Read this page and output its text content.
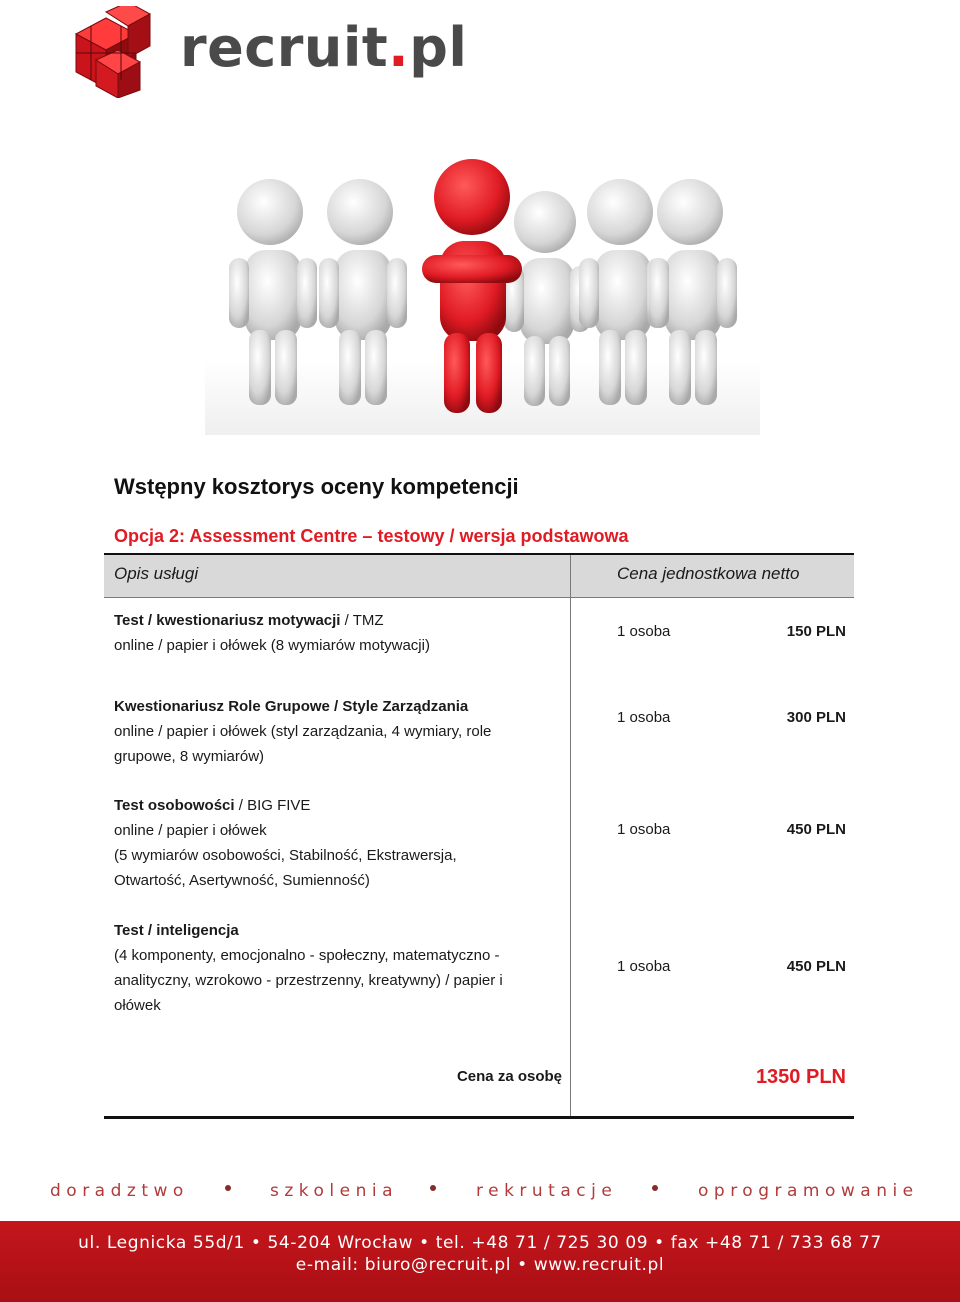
recruit.pl
Wstępny kosztorys oceny kompetencji
Opcja 2: Assessment Centre – testowy / wersja podstawowa
Opis usługi	Cena jednostkowa netto
Test / kwestionariusz motywacji / TMZ
online / papier i ołówek (8 wymiarów motywacji)
1 osoba	150 PLN
Kwestionariusz Role Grupowe / Style Zarządzania
online / papier i ołówek (styl zarządzania, 4 wymiary, role
grupowe, 8 wymiarów)
1 osoba	300 PLN
Test osobowości / BIG FIVE
online / papier i ołówek
(5 wymiarów osobowości, Stabilność, Ekstrawersja,
Otwartość, Asertywność, Sumienność)
1 osoba	450 PLN
Test / inteligencja
(4 komponenty, emocjonalno - społeczny, matematyczno -
analityczny, wzrokowo - przestrzenny, kreatywny) / papier i
ołówek
1 osoba	450 PLN
Cena za osobę	1350 PLN
doradztwo	szkolenia	rekrutacje	oprogramowanie
ul. Legnicka 55d/1 • 54-204 Wrocław • tel. +48 71 / 725 30 09 • fax +48 71 / 733 68 77
e-mail: biuro@recruit.pl • www.recruit.pl
